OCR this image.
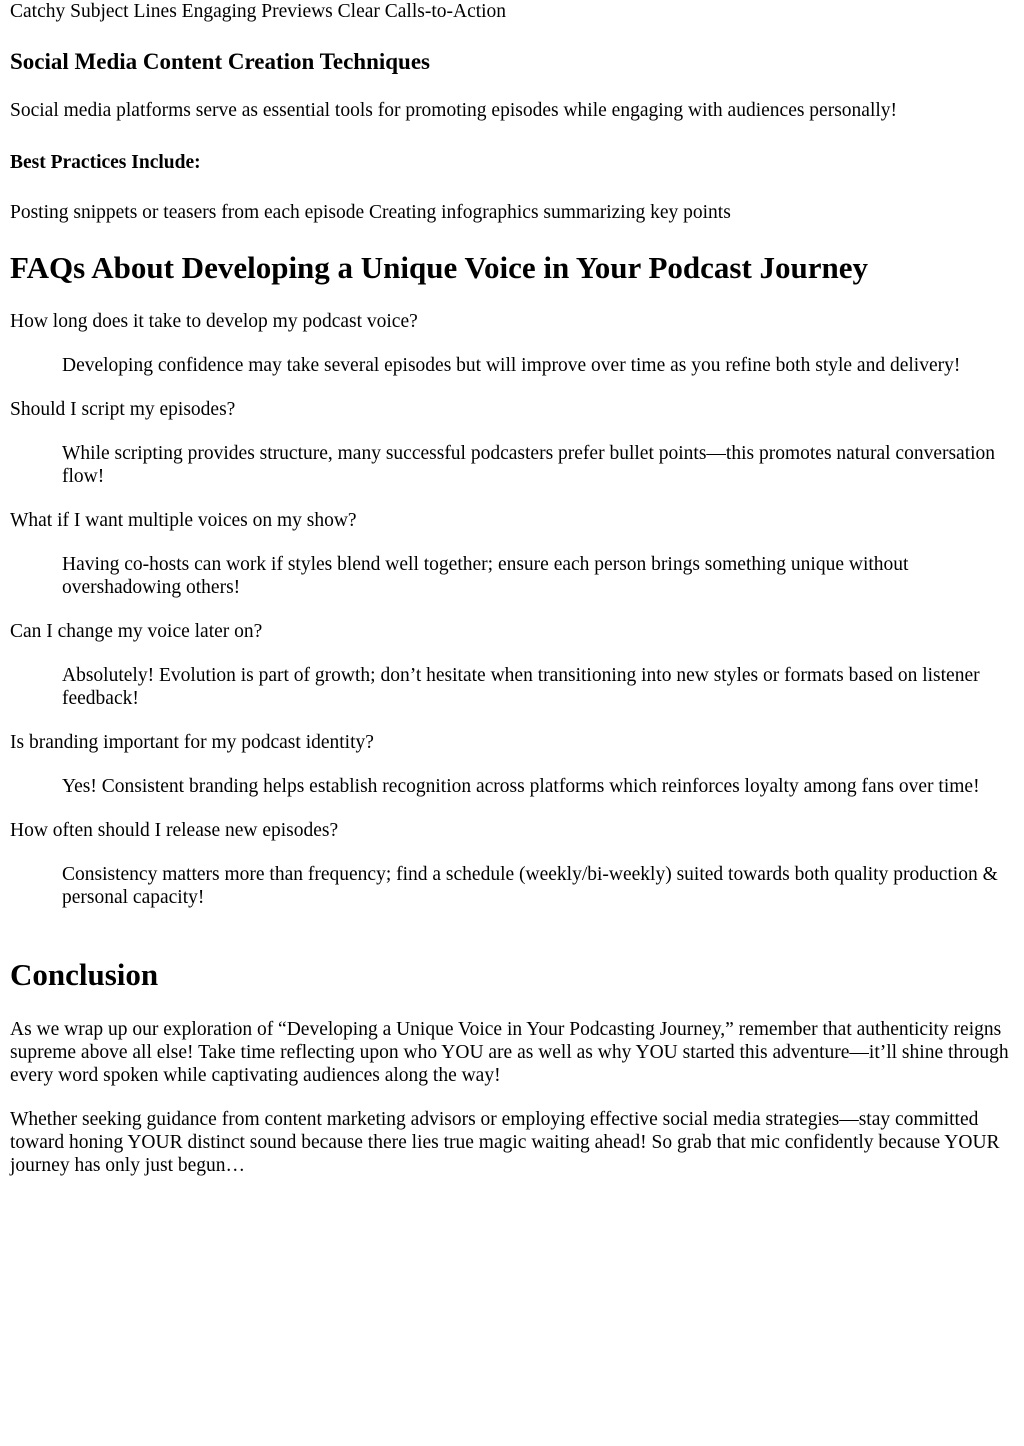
Catchy Subject Lines Engaging Previews Clear Calls-to-Action

Social Media Content Creation Techniques

Social media platforms serve as essential tools for promoting episodes while engaging with audiences personally!

Best Practices Include:

Posting snippets or teasers from each episode Creating infographics summarizing key points

FAQs About Developing a Unique Voice in Your Podcast Journey
How long does it take to develop my podcast voice?
Developing confidence may take several episodes but will improve over time as you refine both style and delivery!
Should I script my episodes?
While scripting provides structure, many successful podcasters prefer bullet points—this promotes natural conversation flow!
What if I want multiple voices on my show?
Having co-hosts can work if styles blend well together; ensure each person brings something unique without overshadowing others!
Can I change my voice later on?
Absolutely! Evolution is part of growth; don’t hesitate when transitioning into new styles or formats based on listener feedback!
Is branding important for my podcast identity?
Yes! Consistent branding helps establish recognition across platforms which reinforces loyalty among fans over time!
How often should I release new episodes?
Consistency matters more than frequency; find a schedule (weekly/bi-weekly) suited towards both quality production & personal capacity!
Conclusion

As we wrap up our exploration of “Developing a Unique Voice in Your Podcasting Journey,” remember that authenticity reigns supreme above all else! Take time reflecting upon who YOU are as well as why YOU started this adventure—it’ll shine through every word spoken while captivating audiences along the way!

Whether seeking guidance from content marketing advisors or employing effective social media strategies—stay committed toward honing YOUR distinct sound because there lies true magic waiting ahead! So grab that mic confidently because YOUR journey has only just begun…
